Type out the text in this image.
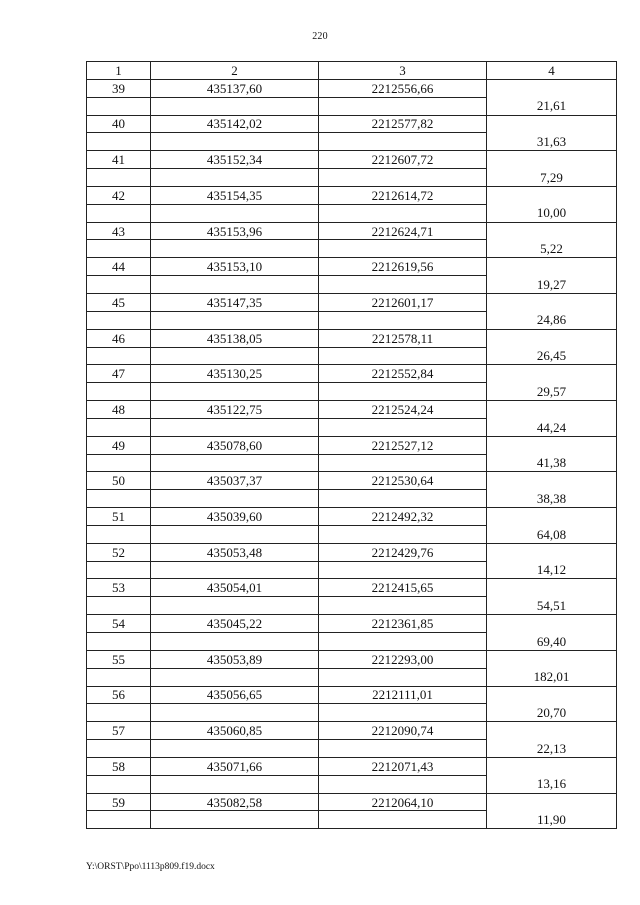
220
1	2	3	4
39	435137,60	2212556,66	
			21,61
40	435142,02	2212577,82	
			31,63
41	435152,34	2212607,72	
			7,29
42	435154,35	2212614,72	
			10,00
43	435153,96	2212624,71	
			5,22
44	435153,10	2212619,56	
			19,27
45	435147,35	2212601,17	
			24,86
46	435138,05	2212578,11	
			26,45
47	435130,25	2212552,84	
			29,57
48	435122,75	2212524,24	
			44,24
49	435078,60	2212527,12	
			41,38
50	435037,37	2212530,64	
			38,38
51	435039,60	2212492,32	
			64,08
52	435053,48	2212429,76	
			14,12
53	435054,01	2212415,65	
			54,51
54	435045,22	2212361,85	
			69,40
55	435053,89	2212293,00	
			182,01
56	435056,65	2212111,01	
			20,70
57	435060,85	2212090,74	
			22,13
58	435071,66	2212071,43	
			13,16
59	435082,58	2212064,10	
			11,90
Y:\ORST\Ppo\1113p809.f19.docx
